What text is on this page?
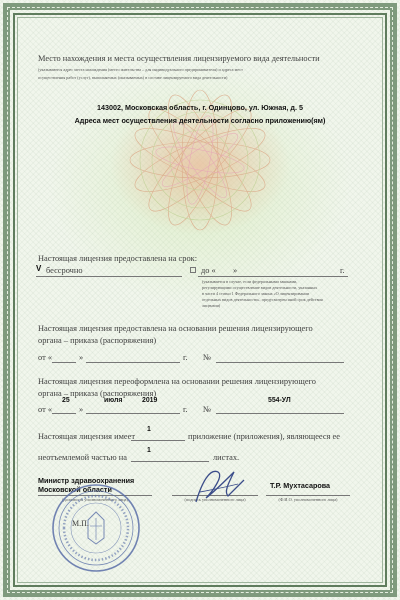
Место нахождения и места осуществления лицензируемого вида деятельности
(указываются адрес места нахождения (место жительства – для индивидуального предпринимателя) и адреса мест
осуществления работ (услуг), выполняемых (оказываемых) в составе лицензируемого вида деятельности)
143002, Московская область, г. Одинцово, ул. Южная, д. 5
Адреса мест осуществления деятельности согласно приложению(ям)
Настоящая лицензия предоставлена на срок:
V бессрочно	до « »	г.
(указывается в случае, если федеральными законами,
регулирующими осуществление видов деятельности, указанных
в части 4 статьи 1 Федерального закона «О лицензировании
отдельных видов деятельности», предусмотрен иной срок действия
лицензии)
Настоящая лицензия предоставлена на основании решения лицензирующего
органа – приказа (распоряжения)
от «	»	г. №
Настоящая лицензия переоформлена на основании решения лицензирующего
органа – приказа (распоряжения)
от «
25
»
июля	2019
г. №
554-УЛ
Настоящая лицензия имеет
1
приложение (приложения), являющееся ее
неотъемлемой частью на
1
листах.
Министр здравоохранения
Московской области
(должность уполномоченного лица)	(подпись уполномоченного лица)
Т.Р. Мухтасарова
(Ф.И.О. уполномоченного лица)
М.П.
